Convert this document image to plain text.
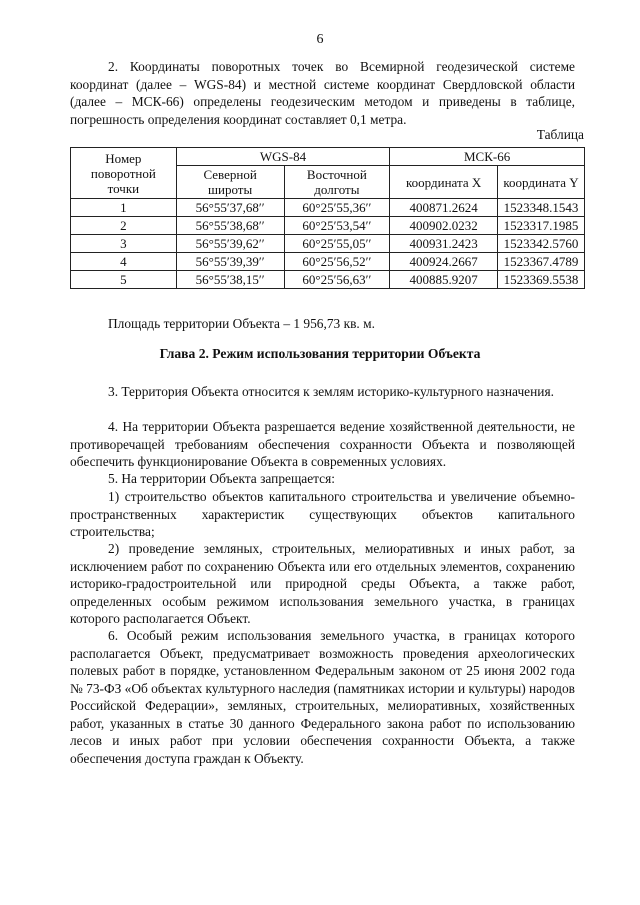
6

2. Координаты поворотных точек во Всемирной геодезической системе координат (далее – WGS-84) и местной системе координат Свердловской области (далее – МСК-66) определены геодезическим методом и приведены в таблице, погрешность определения координат составляет 0,1 метра.

Таблица
Номер поворотной точки	WGS-84		МСК-66	
	Северной широты	Восточной долготы	координата X	координата Y
1	56°55′37,68′′	60°25′55,36′′	400871.2624	1523348.1543
2	56°55′38,68′′	60°25′53,54′′	400902.0232	1523317.1985
3	56°55′39,62′′	60°25′55,05′′	400931.2423	1523342.5760
4	56°55′39,39′′	60°25′56,52′′	400924.2667	1523367.4789
5	56°55′38,15′′	60°25′56,63′′	400885.9207	1523369.5538
Площадь территории Объекта – 1 956,73 кв. м.
Глава 2. Режим использования территории Объекта

3. Территория Объекта относится к землям историко-культурного назначения.

4. На территории Объекта разрешается ведение хозяйственной деятельности, не противоречащей требованиям обеспечения сохранности Объекта и позволяющей обеспечить функционирование Объекта в современных условиях.

5. На территории Объекта запрещается:

1) строительство объектов капитального строительства и увеличение объемно-пространственных характеристик существующих объектов капитального строительства;

2) проведение земляных, строительных, мелиоративных и иных работ, за исключением работ по сохранению Объекта или его отдельных элементов, сохранению историко-градостроительной или природной среды Объекта, а также работ, определенных особым режимом использования земельного участка, в границах которого располагается Объект.

6. Особый режим использования земельного участка, в границах которого располагается Объект, предусматривает возможность проведения археологических полевых работ в порядке, установленном Федеральным законом от 25 июня 2002 года № 73-ФЗ «Об объектах культурного наследия (памятниках истории и культуры) народов Российской Федерации», земляных, строительных, мелиоративных, хозяйственных работ, указанных в статье 30 данного Федерального закона работ по использованию лесов и иных работ при условии обеспечения сохранности Объекта, а также обеспечения доступа граждан к Объекту.
